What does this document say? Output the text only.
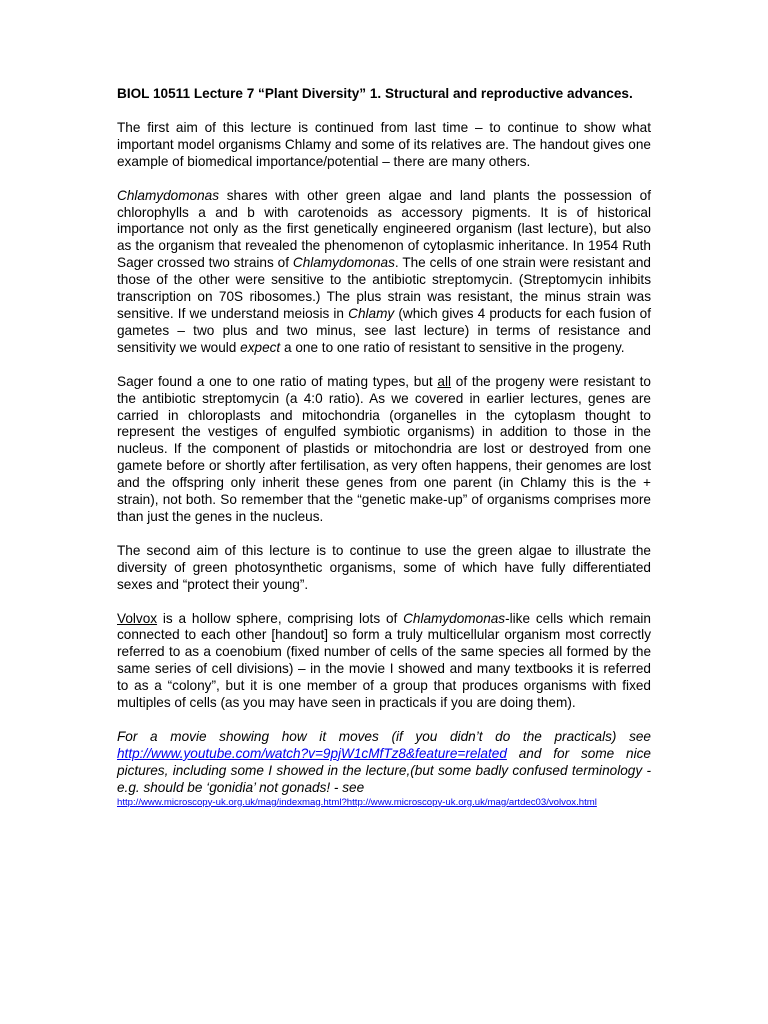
BIOL 10511 Lecture 7 “Plant Diversity” 1. Structural and reproductive advances.

The first aim of this lecture is continued from last time – to continue to show what important model organisms Chlamy and some of its relatives are. The handout gives one example of biomedical importance/potential – there are many others.

Chlamydomonas shares with other green algae and land plants the possession of chlorophylls a and b with carotenoids as accessory pigments. It is of historical importance not only as the first genetically engineered organism (last lecture), but also as the organism that revealed the phenomenon of cytoplasmic inheritance. In 1954 Ruth Sager crossed two strains of Chlamydomonas. The cells of one strain were resistant and those of the other were sensitive to the antibiotic streptomycin. (Streptomycin inhibits transcription on 70S ribosomes.) The plus strain was resistant, the minus strain was sensitive. If we understand meiosis in Chlamy (which gives 4 products for each fusion of gametes – two plus and two minus, see last lecture) in terms of resistance and sensitivity we would expect a one to one ratio of resistant to sensitive in the progeny.

Sager found a one to one ratio of mating types, but all of the progeny were resistant to the antibiotic streptomycin (a 4:0 ratio). As we covered in earlier lectures, genes are carried in chloroplasts and mitochondria (organelles in the cytoplasm thought to represent the vestiges of engulfed symbiotic organisms) in addition to those in the nucleus. If the component of plastids or mitochondria are lost or destroyed from one gamete before or shortly after fertilisation, as very often happens, their genomes are lost and the offspring only inherit these genes from one parent (in Chlamy this is the + strain), not both. So remember that the “genetic make-up” of organisms comprises more than just the genes in the nucleus.

The second aim of this lecture is to continue to use the green algae to illustrate the diversity of green photosynthetic organisms, some of which have fully differentiated sexes and “protect their young”.

Volvox is a hollow sphere, comprising lots of Chlamydomonas-like cells which remain connected to each other [handout] so form a truly multicellular organism most correctly referred to as a coenobium (fixed number of cells of the same species all formed by the same series of cell divisions) – in the movie I showed and many textbooks it is referred to as a “colony”, but it is one member of a group that produces organisms with fixed multiples of cells (as you may have seen in practicals if you are doing them).

For a movie showing how it moves (if you didn’t do the practicals) see http://www.youtube.com/watch?v=9pjW1cMfTz8&feature=related and for some nice pictures, including some I showed in the lecture,(but some badly confused terminology - e.g. should be ‘gonidia’ not gonads! - see
http://www.microscopy-uk.org.uk/mag/indexmag.html?http://www.microscopy-uk.org.uk/mag/artdec03/volvox.html
